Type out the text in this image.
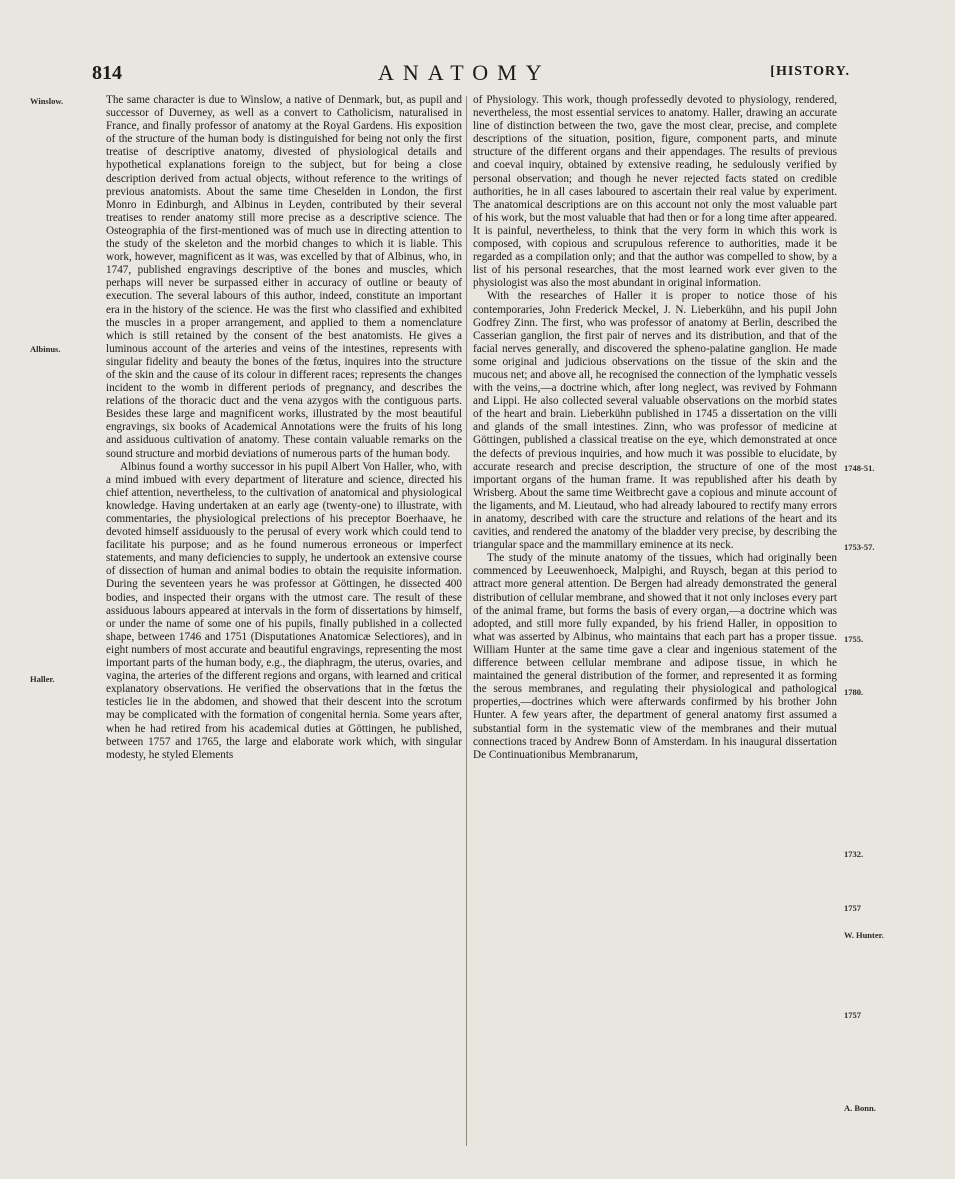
814	ANATOMY	[HISTORY.
Winslow.
Albinus.
Haller.

The same character is due to Winslow, a native of Denmark, but, as pupil and successor of Duverney, as well as a convert to Catholicism, naturalised in France, and finally professor of anatomy at the Royal Gardens. His exposition of the structure of the human body is distinguished for being not only the first treatise of descriptive anatomy, divested of physiological details and hypothetical explanations foreign to the subject, but for being a close description derived from actual objects, without reference to the writings of previous anatomists. About the same time Cheselden in London, the first Monro in Edinburgh, and Albinus in Leyden, contributed by their several treatises to render anatomy still more precise as a descriptive science. The Osteographia of the first-mentioned was of much use in directing attention to the study of the skeleton and the morbid changes to which it is liable. This work, however, magnificent as it was, was excelled by that of Albinus, who, in 1747, published engravings descriptive of the bones and muscles, which perhaps will never be surpassed either in accuracy of outline or beauty of execution. The several labours of this author, indeed, constitute an important era in the history of the science. He was the first who classified and exhibited the muscles in a proper arrangement, and applied to them a nomenclature which is still retained by the consent of the best anatomists. He gives a luminous account of the arteries and veins of the intestines, represents with singular fidelity and beauty the bones of the fœtus, inquires into the structure of the skin and the cause of its colour in different races; represents the changes incident to the womb in different periods of pregnancy, and describes the relations of the thoracic duct and the vena azygos with the contiguous parts. Besides these large and magnificent works, illustrated by the most beautiful engravings, six books of Academical Annotations were the fruits of his long and assiduous cultivation of anatomy. These contain valuable remarks on the sound structure and morbid deviations of numerous parts of the human body.

Albinus found a worthy successor in his pupil Albert Von Haller, who, with a mind imbued with every department of literature and science, directed his chief attention, nevertheless, to the cultivation of anatomical and physiological knowledge. Having undertaken at an early age (twenty-one) to illustrate, with commentaries, the physiological prelections of his preceptor Boerhaave, he devoted himself assiduously to the perusal of every work which could tend to facilitate his purpose; and as he found numerous erroneous or imperfect statements, and many deficiencies to supply, he undertook an extensive course of dissection of human and animal bodies to obtain the requisite information. During the seventeen years he was professor at Göttingen, he dissected 400 bodies, and inspected their organs with the utmost care. The result of these assiduous labours appeared at intervals in the form of dissertations by himself, or under the name of some one of his pupils, finally published in a collected shape, between 1746 and 1751 (Disputationes Anatomicæ Selectiores), and in eight numbers of most accurate and beautiful engravings, representing the most important parts of the human body, e.g., the diaphragm, the uterus, ovaries, and vagina, the arteries of the different regions and organs, with learned and critical explanatory observations. He verified the observations that in the fœtus the testicles lie in the abdomen, and showed that their descent into the scrotum may be complicated with the formation of congenital hernia. Some years after, when he had retired from his academical duties at Göttingen, he published, between 1757 and 1765, the large and elaborate work which, with singular modesty, he styled Elements

of Physiology. This work, though professedly devoted to physiology, rendered, nevertheless, the most essential services to anatomy. Haller, drawing an accurate line of distinction between the two, gave the most clear, precise, and complete descriptions of the situation, position, figure, component parts, and minute structure of the different organs and their appendages. The results of previous and coeval inquiry, obtained by extensive reading, he sedulously verified by personal observation; and though he never rejected facts stated on credible authorities, he in all cases laboured to ascertain their real value by experiment. The anatomical descriptions are on this account not only the most valuable part of his work, but the most valuable that had then or for a long time after appeared. It is painful, nevertheless, to think that the very form in which this work is composed, with copious and scrupulous reference to authorities, made it be regarded as a compilation only; and that the author was compelled to show, by a list of his personal researches, that the most learned work ever given to the physiologist was also the most abundant in original information.

With the researches of Haller it is proper to notice those of his contemporaries, John Frederick Meckel, J. N. Lieberkühn, and his pupil John Godfrey Zinn. The first, who was professor of anatomy at Berlin, described the Casserian ganglion, the first pair of nerves and its distribution, and that of the facial nerves generally, and discovered the spheno-palatine ganglion. He made some original and judicious observations on the tissue of the skin and the mucous net; and above all, he recognised the connection of the lymphatic vessels with the veins,—a doctrine which, after long neglect, was revived by Fohmann and Lippi. He also collected several valuable observations on the morbid states of the heart and brain. Lieberkühn published in 1745 a dissertation on the villi and glands of the small intestines. Zinn, who was professor of medicine at Göttingen, published a classical treatise on the eye, which demonstrated at once the defects of previous inquiries, and how much it was possible to elucidate, by accurate research and precise description, the structure of one of the most important organs of the human frame. It was republished after his death by Wrisberg. About the same time Weitbrecht gave a copious and minute account of the ligaments, and M. Lieutaud, who had already laboured to rectify many errors in anatomy, described with care the structure and relations of the heart and its cavities, and rendered the anatomy of the bladder very precise, by describing the triangular space and the mammillary eminence at its neck.

The study of the minute anatomy of the tissues, which had originally been commenced by Leeuwenhoeck, Malpighi, and Ruysch, began at this period to attract more general attention. De Bergen had already demonstrated the general distribution of cellular membrane, and showed that it not only incloses every part of the animal frame, but forms the basis of every organ,—a doctrine which was adopted, and still more fully expanded, by his friend Haller, in opposition to what was asserted by Albinus, who maintains that each part has a proper tissue. William Hunter at the same time gave a clear and ingenious statement of the difference between cellular membrane and adipose tissue, in which he maintained the general distribution of the former, and represented it as forming the serous membranes, and regulating their physiological and pathological properties,—doctrines which were afterwards confirmed by his brother John Hunter. A few years after, the department of general anatomy first assumed a substantial form in the systematic view of the membranes and their mutual connections traced by Andrew Bonn of Amsterdam. In his inaugural dissertation De Continuationibus Membranarum,

1748-51.
1753-57.
1755.
1780.
1732.
1757
W. Hunter.
1757
A. Bonn.
